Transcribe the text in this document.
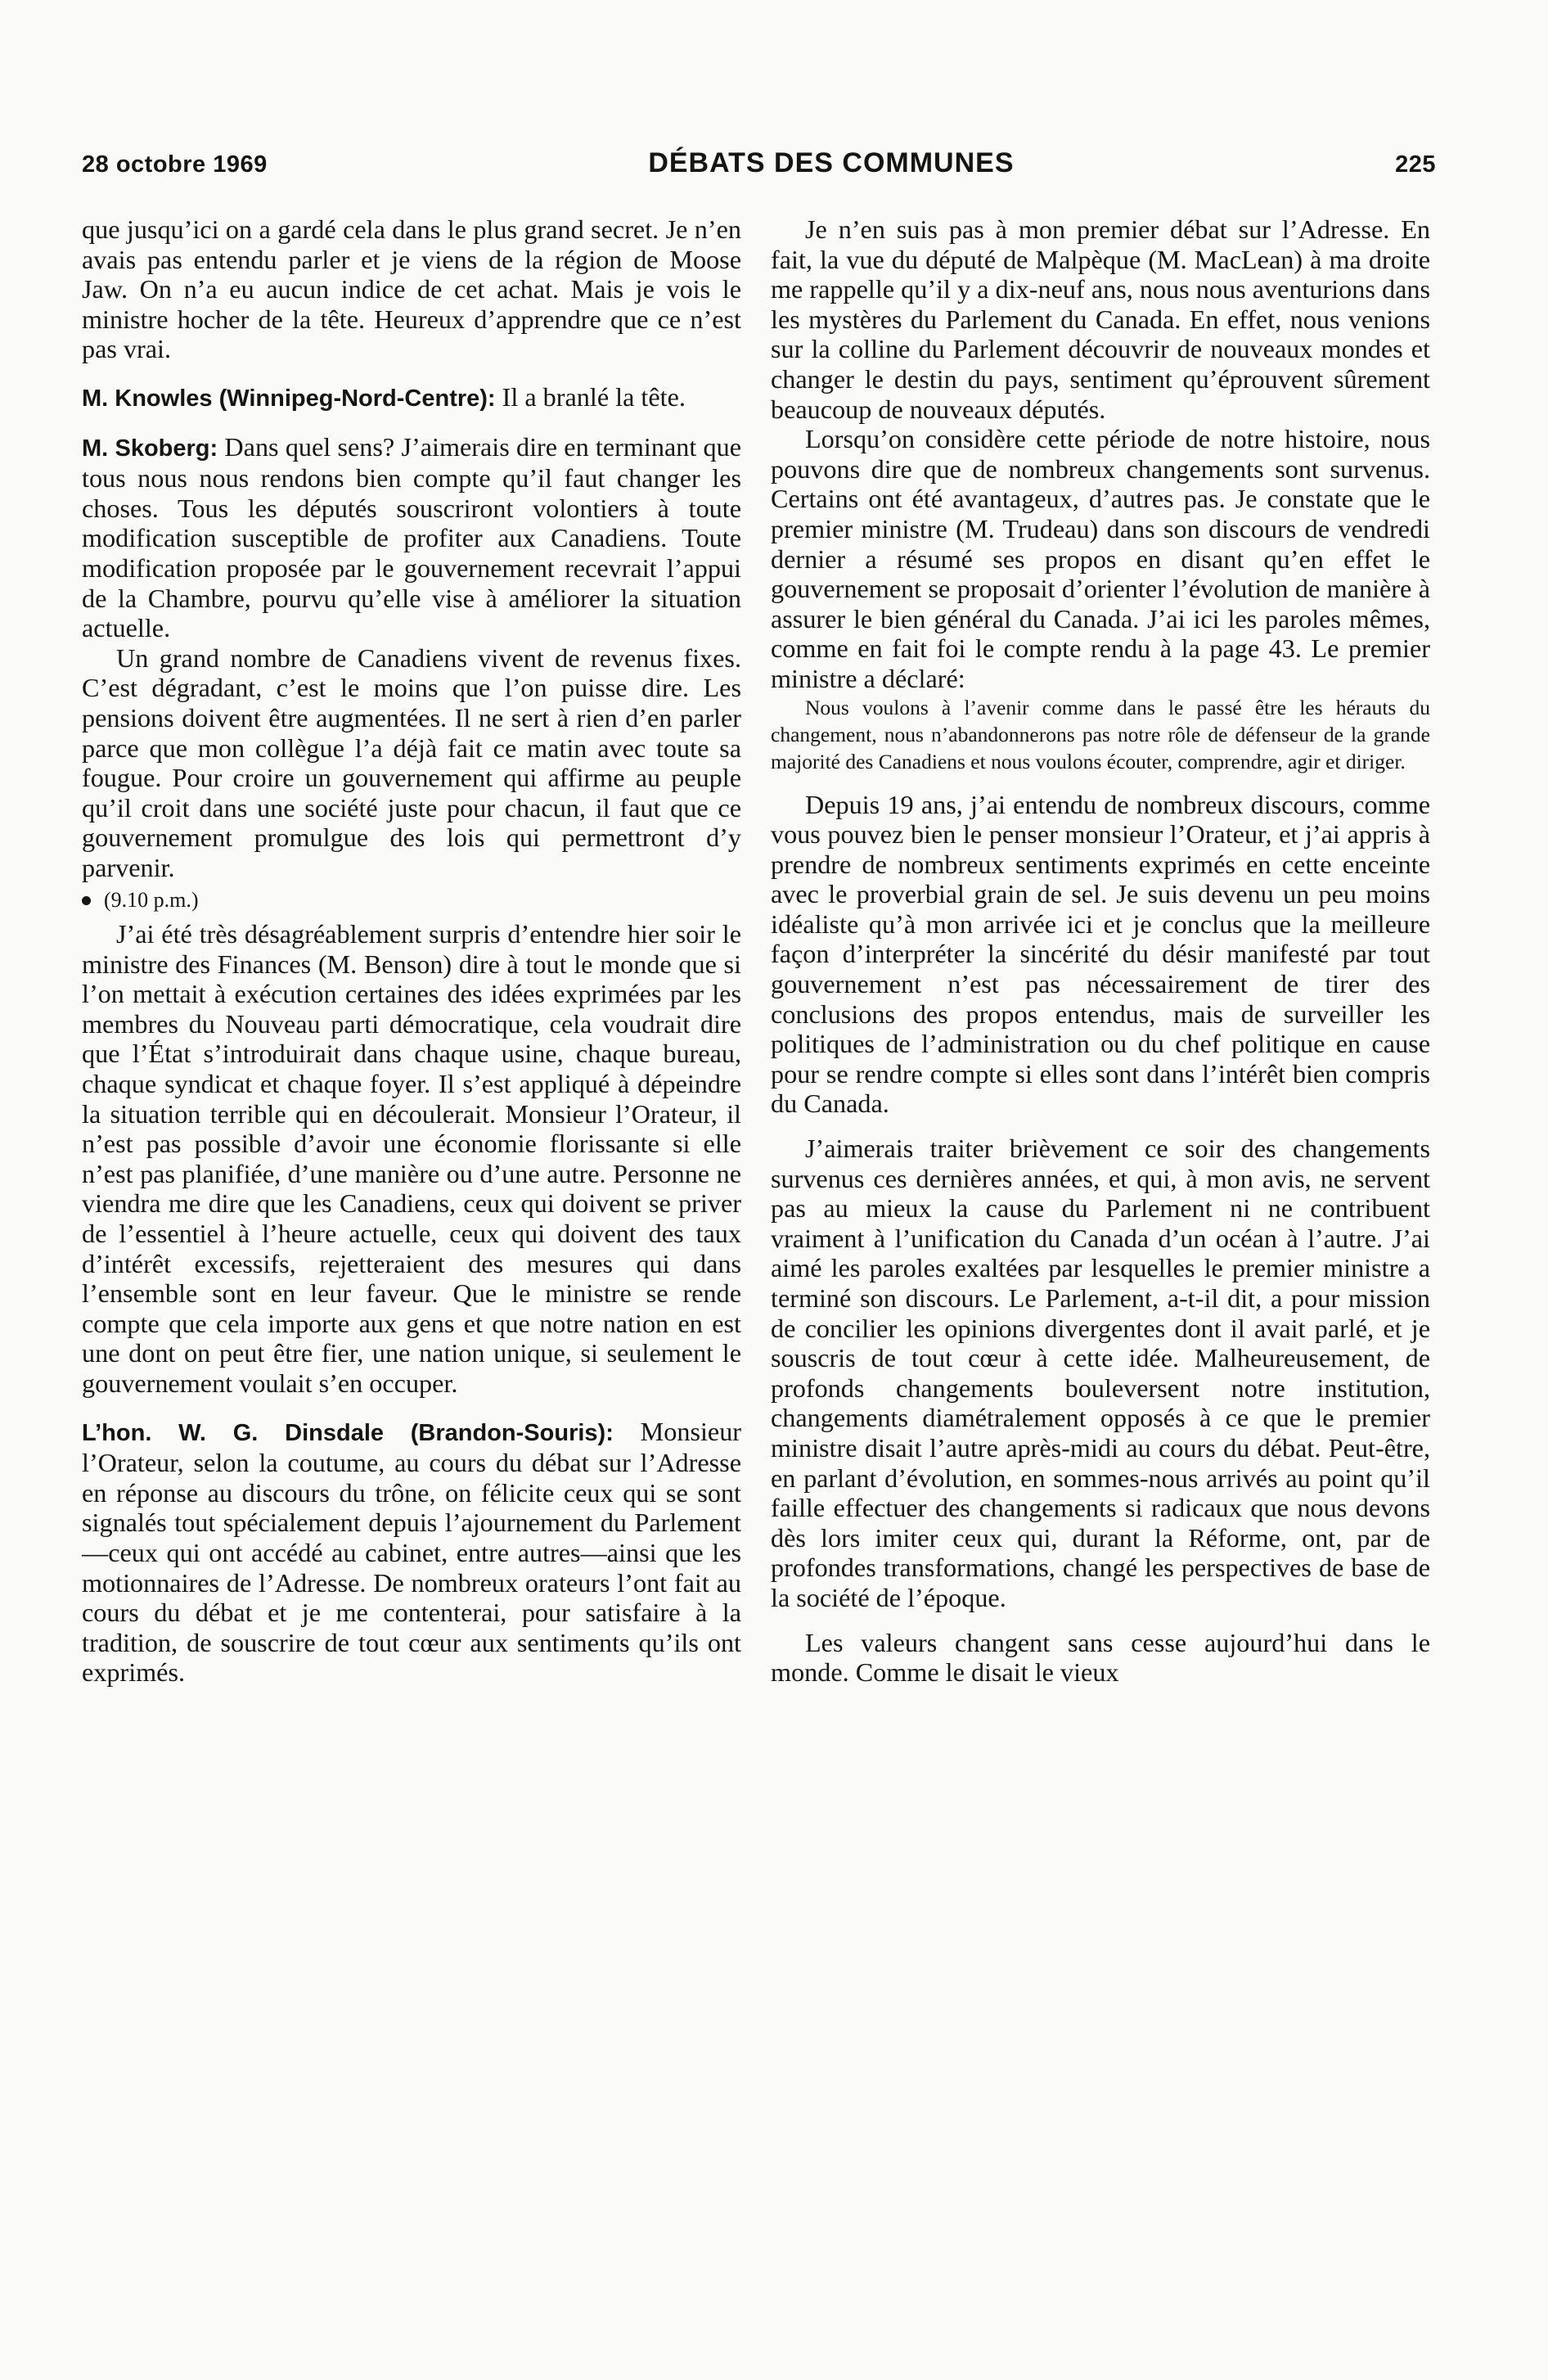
28 octobre 1969	DÉBATS DES COMMUNES	225

que jusqu’ici on a gardé cela dans le plus grand secret. Je n’en avais pas entendu parler et je viens de la région de Moose Jaw. On n’a eu aucun indice de cet achat. Mais je vois le ministre hocher de la tête. Heureux d’apprendre que ce n’est pas vrai.

M. Knowles (Winnipeg-Nord-Centre): Il a branlé la tête.

M. Skoberg: Dans quel sens? J’aimerais dire en terminant que tous nous nous rendons bien compte qu’il faut changer les choses. Tous les députés souscriront volontiers à toute modification susceptible de profiter aux Canadiens. Toute modification proposée par le gouvernement recevrait l’appui de la Chambre, pourvu qu’elle vise à améliorer la situation actuelle.

Un grand nombre de Canadiens vivent de revenus fixes. C’est dégradant, c’est le moins que l’on puisse dire. Les pensions doivent être augmentées. Il ne sert à rien d’en parler parce que mon collègue l’a déjà fait ce matin avec toute sa fougue. Pour croire un gouvernement qui affirme au peuple qu’il croit dans une société juste pour chacun, il faut que ce gouvernement promulgue des lois qui permettront d’y parvenir.

(9.10 p.m.)

J’ai été très désagréablement surpris d’entendre hier soir le ministre des Finances (M. Benson) dire à tout le monde que si l’on mettait à exécution certaines des idées exprimées par les membres du Nouveau parti démocratique, cela voudrait dire que l’État s’introduirait dans chaque usine, chaque bureau, chaque syndicat et chaque foyer. Il s’est appliqué à dépeindre la situation terrible qui en découlerait. Monsieur l’Orateur, il n’est pas possible d’avoir une économie florissante si elle n’est pas planifiée, d’une manière ou d’une autre. Personne ne viendra me dire que les Canadiens, ceux qui doivent se priver de l’essentiel à l’heure actuelle, ceux qui doivent des taux d’intérêt excessifs, rejetteraient des mesures qui dans l’ensemble sont en leur faveur. Que le ministre se rende compte que cela importe aux gens et que notre nation en est une dont on peut être fier, une nation unique, si seulement le gouvernement voulait s’en occuper.

L’hon. W. G. Dinsdale (Brandon-Souris): Monsieur l’Orateur, selon la coutume, au cours du débat sur l’Adresse en réponse au discours du trône, on félicite ceux qui se sont signalés tout spécialement depuis l’ajournement du Parlement—ceux qui ont accédé au cabinet, entre autres—ainsi que les motionnaires de l’Adresse. De nombreux orateurs l’ont fait au cours du débat et je me contenterai, pour satisfaire à la tradition, de souscrire de tout cœur aux sentiments qu’ils ont exprimés.

Je n’en suis pas à mon premier débat sur l’Adresse. En fait, la vue du député de Malpèque (M. MacLean) à ma droite me rappelle qu’il y a dix-neuf ans, nous nous aventurions dans les mystères du Parlement du Canada. En effet, nous venions sur la colline du Parlement découvrir de nouveaux mondes et changer le destin du pays, sentiment qu’éprouvent sûrement beaucoup de nouveaux députés.

Lorsqu’on considère cette période de notre histoire, nous pouvons dire que de nombreux changements sont survenus. Certains ont été avantageux, d’autres pas. Je constate que le premier ministre (M. Trudeau) dans son discours de vendredi dernier a résumé ses propos en disant qu’en effet le gouvernement se proposait d’orienter l’évolution de manière à assurer le bien général du Canada. J’ai ici les paroles mêmes, comme en fait foi le compte rendu à la page 43. Le premier ministre a déclaré:

Nous voulons à l’avenir comme dans le passé être les hérauts du changement, nous n’abandonnerons pas notre rôle de défenseur de la grande majorité des Canadiens et nous voulons écouter, comprendre, agir et diriger.

Depuis 19 ans, j’ai entendu de nombreux discours, comme vous pouvez bien le penser monsieur l’Orateur, et j’ai appris à prendre de nombreux sentiments exprimés en cette enceinte avec le proverbial grain de sel. Je suis devenu un peu moins idéaliste qu’à mon arrivée ici et je conclus que la meilleure façon d’interpréter la sincérité du désir manifesté par tout gouvernement n’est pas nécessairement de tirer des conclusions des propos entendus, mais de surveiller les politiques de l’administration ou du chef politique en cause pour se rendre compte si elles sont dans l’intérêt bien compris du Canada.

J’aimerais traiter brièvement ce soir des changements survenus ces dernières années, et qui, à mon avis, ne servent pas au mieux la cause du Parlement ni ne contribuent vraiment à l’unification du Canada d’un océan à l’autre. J’ai aimé les paroles exaltées par lesquelles le premier ministre a terminé son discours. Le Parlement, a-t-il dit, a pour mission de concilier les opinions divergentes dont il avait parlé, et je souscris de tout cœur à cette idée. Malheureusement, de profonds changements bouleversent notre institution, changements diamétralement opposés à ce que le premier ministre disait l’autre après-midi au cours du débat. Peut-être, en parlant d’évolution, en sommes-nous arrivés au point qu’il faille effectuer des changements si radicaux que nous devons dès lors imiter ceux qui, durant la Réforme, ont, par de profondes transformations, changé les perspectives de base de la société de l’époque.

Les valeurs changent sans cesse aujourd’hui dans le monde. Comme le disait le vieux
